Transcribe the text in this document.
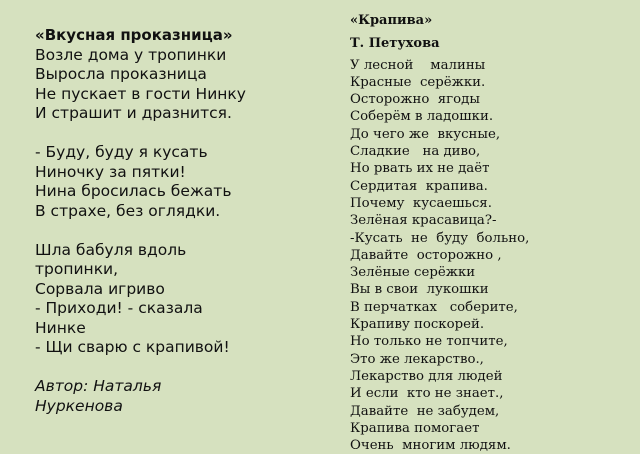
«Вкусная проказница»
Возле дома у тропинки
Выросла проказница
Не пускает в гости Нинку
И страшит и дразнится.
- Буду, буду я кусать
Ниночку за пятки!
Нина бросилась бежать
В страхе, без оглядки.
Шла бабуля вдоль
тропинки,
Сорвала игриво
- Приходи! - сказала
Нинке
- Щи сварю с крапивой!
Автор: Наталья
Нуркенова
«Крапива»
Т. Петухова
У лесной    малины
Красные  серёжки.
Осторожно  ягоды
Соберём в ладошки.
До чего же  вкусные,
Сладкие   на диво,
Но рвать их не даёт
Сердитая  крапива.
Почему  кусаешься.
Зелёная красавица?-
-Кусать  не  буду  больно,
Давайте  осторожно ,
Зелёные серёжки
Вы в свои  лукошки
В перчатках   соберите,
Крапиву поскорей.
Но только не топчите,
Это же лекарство.,
Лекарство для людей
И если  кто не знает.,
Давайте  не забудем,
Крапива помогает
Очень  многим людям.
